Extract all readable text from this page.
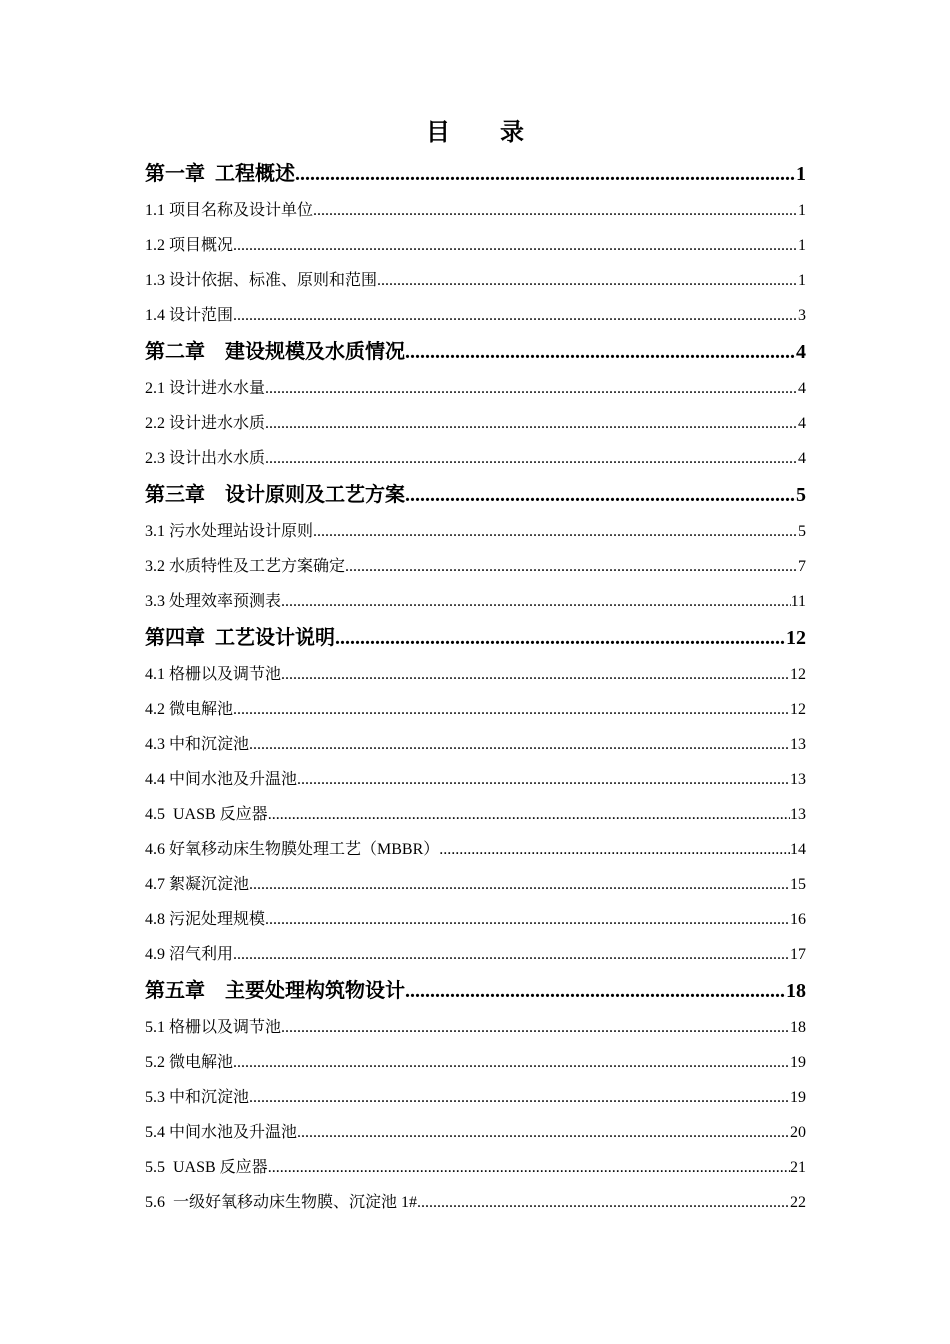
目 录
第一章  工程概述 .....	1
1.1 项目名称及设计单位 .....	1
1.2 项目概况 .....	1
1.3 设计依据、标准、原则和范围 .....	1
1.4 设计范围 .....	3
第二章    建设规模及水质情况 .....	4
2.1 设计进水水量 .....	4
2.2 设计进水水质 .....	4
2.3 设计出水水质 .....	4
第三章    设计原则及工艺方案 .....	5
3.1 污水处理站设计原则 .....	5
3.2 水质特性及工艺方案确定 .....	7
3.3 处理效率预测表 .....	11
第四章  工艺设计说明 .....	12
4.1 格栅以及调节池 .....	12
4.2 微电解池 .....	12
4.3 中和沉淀池 .....	13
4.4 中间水池及升温池 .....	13
4.5  UASB 反应器 .....	13
4.6 好氧移动床生物膜处理工艺（MBBR） .....	14
4.7 絮凝沉淀池 .....	15
4.8 污泥处理规模 .....	16
4.9 沼气利用 .....	17
第五章    主要处理构筑物设计 .....	18
5.1 格栅以及调节池 .....	18
5.2 微电解池 .....	19
5.3 中和沉淀池 .....	19
5.4 中间水池及升温池 .....	20
5.5  UASB 反应器 .....	21
5.6  一级好氧移动床生物膜、沉淀池 1# .....	22
